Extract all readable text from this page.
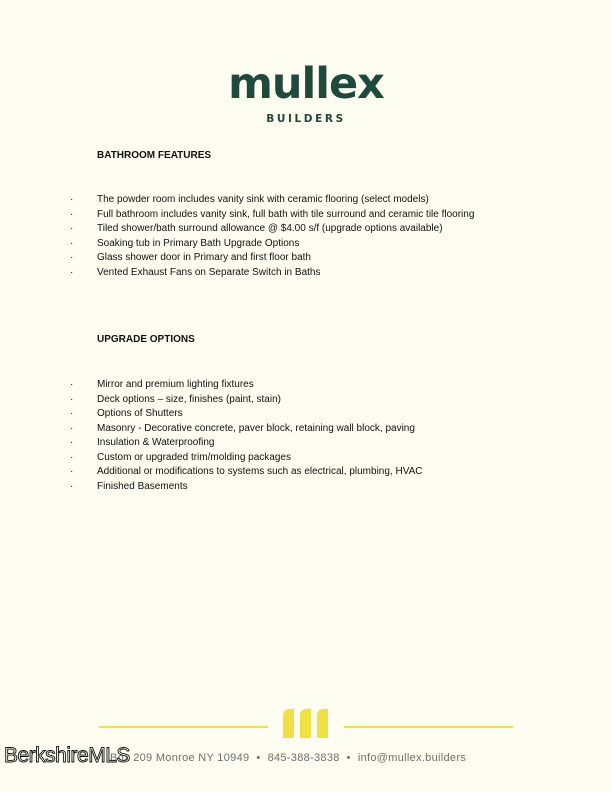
mullex
BUILDERS
BATHROOM FEATURES
· The powder room includes vanity sink with ceramic flooring (select models)
· Full bathroom includes vanity sink, full bath with tile surround and ceramic tile flooring
· Tiled shower/bath surround allowance @ $4.00 s/f (upgrade options available)
· Soaking tub in Primary Bath Upgrade Options
· Glass shower door in Primary and first floor bath
· Vented Exhaust Fans on Separate Switch in Baths
UPGRADE OPTIONS
· Mirror and premium lighting fixtures
· Deck options – size, finishes (paint, stain)
· Options of Shutters
· Masonry - Decorative concrete, paver block, retaining wall block, paving
· Insulation & Waterproofing
· Custom or upgraded trim/molding packages
· Additional or modifications to systems such as electrical, plumbing, HVAC
· Finished Basements
Box 209 Monroe NY 10949 • 845-388-3838 • info@mullex.builders
BerkshireMLS
